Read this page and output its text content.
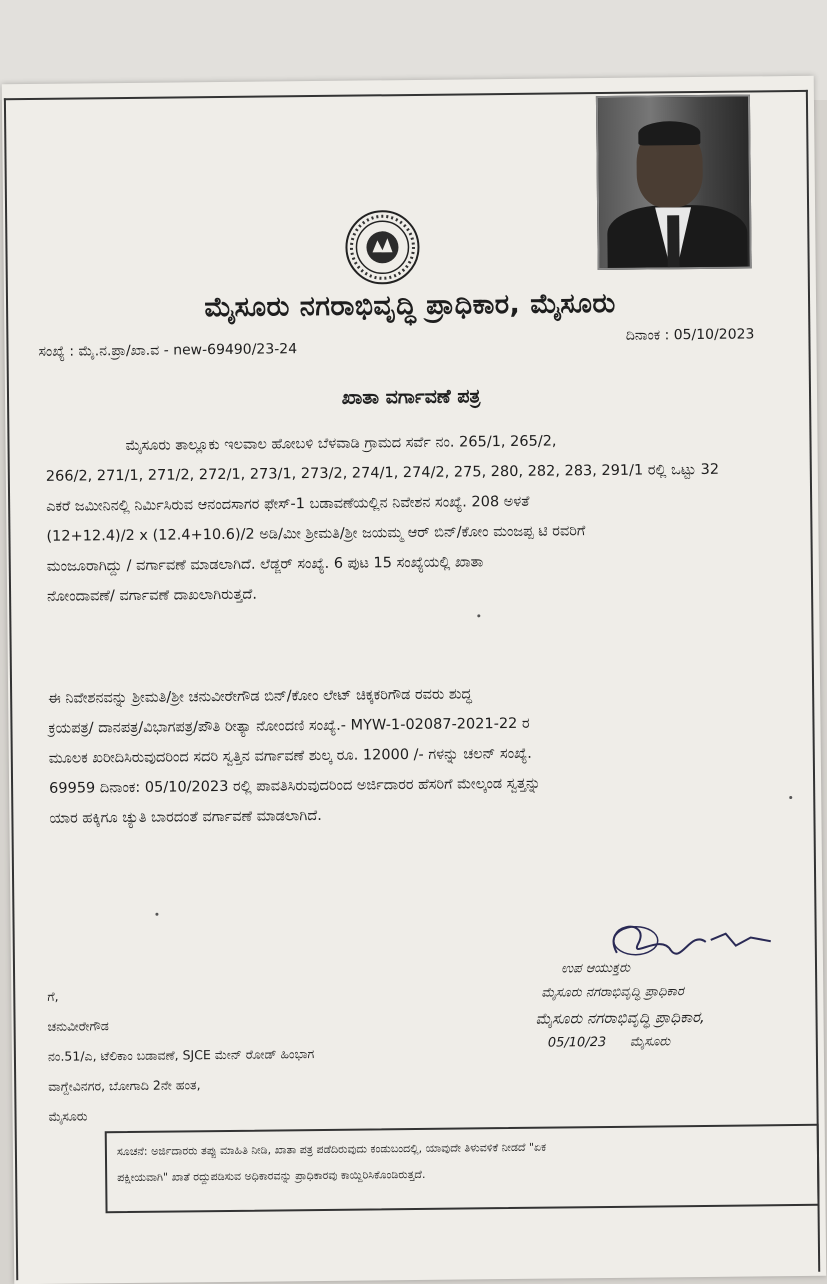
ಮೈಸೂರು ನಗರಾಭಿವೃದ್ಧಿ ಪ್ರಾಧಿಕಾರ, ಮೈಸೂರು
ಸಂಖ್ಯೆ : ಮೈ.ನ.ಪ್ರಾ/ಖಾ.ವ - new-69490/23-24
ದಿನಾಂಕ : 05/10/2023
ಖಾತಾ ವರ್ಗಾವಣೆ ಪತ್ರ
ಮೈಸೂರು ತಾಲ್ಲೂಕು ಇಲವಾಲ ಹೋಬಳಿ ಬೆಳವಾಡಿ ಗ್ರಾಮದ ಸರ್ವೆ ನಂ. 265/1, 265/2,
266/2, 271/1, 271/2, 272/1, 273/1, 273/2, 274/1, 274/2, 275, 280, 282, 283, 291/1 ರಲ್ಲಿ ಒಟ್ಟು 32
ಎಕರೆ ಜಮೀನಿನಲ್ಲಿ ನಿರ್ಮಿಸಿರುವ ಆನಂದಸಾಗರ ಫೇಸ್-1 ಬಡಾವಣೆಯಲ್ಲಿನ ನಿವೇಶನ ಸಂಖ್ಯೆ. 208 ಅಳತೆ
(12+12.4)/2 x (12.4+10.6)/2 ಅಡಿ/ಮೀ ಶ್ರೀಮತಿ/ಶ್ರೀ ಜಯಮ್ಮ ಆರ್ ಬಿನ್/ಕೋಂ ಮಂಜಪ್ಪ ಟಿ ರವರಿಗೆ
ಮಂಜೂರಾಗಿದ್ದು / ವರ್ಗಾವಣೆ ಮಾಡಲಾಗಿದೆ. ಲೆಡ್ಜರ್ ಸಂಖ್ಯೆ. 6 ಪುಟ 15 ಸಂಖ್ಯೆಯಲ್ಲಿ ಖಾತಾ
ನೋಂದಾವಣೆ/ ವರ್ಗಾವಣೆ ದಾಖಲಾಗಿರುತ್ತದೆ.
ಈ ನಿವೇಶನವನ್ನು ಶ್ರೀಮತಿ/ಶ್ರೀ ಚನುವೀರೇಗೌಡ ಬಿನ್/ಕೋಂ ಲೇಟ್ ಚಿಕ್ಕಕರಿಗೌಡ ರವರು ಶುದ್ಧ
ಕ್ರಯಪತ್ರ/ ದಾನಪತ್ರ/ವಿಭಾಗಪತ್ರ/ಪೌತಿ ರೀತ್ಯಾ ನೋಂದಣಿ ಸಂಖ್ಯೆ.- MYW-1-02087-2021-22 ರ
ಮೂಲಕ ಖರೀದಿಸಿರುವುದರಿಂದ ಸದರಿ ಸ್ವತ್ತಿನ ವರ್ಗಾವಣೆ ಶುಲ್ಕ ರೂ. 12000 /- ಗಳನ್ನು ಚಲನ್ ಸಂಖ್ಯೆ.
69959 ದಿನಾಂಕ: 05/10/2023 ರಲ್ಲಿ ಪಾವತಿಸಿರುವುದರಿಂದ ಅರ್ಜಿದಾರರ ಹೆಸರಿಗೆ ಮೇಲ್ಕಂಡ ಸ್ವತ್ತನ್ನು
ಯಾರ ಹಕ್ಕಿಗೂ ಚ್ಯುತಿ ಬಾರದಂತೆ ವರ್ಗಾವಣೆ ಮಾಡಲಾಗಿದೆ.
ಉಪ ಆಯುಕ್ತರು
ಮೈಸೂರು ನಗರಾಭಿವೃದ್ಧಿ ಪ್ರಾಧಿಕಾರ
ಮೈಸೂರು ನಗರಾಭಿವೃದ್ಧಿ ಪ್ರಾಧಿಕಾರ,
05/10/23 ಮೈಸೂರು
ಗೆ,
ಚನುವೀರೇಗೌಡ
ನಂ.51/ಎ, ಟೆಲಿಕಾಂ ಬಡಾವಣೆ, SJCE ಮೇನ್ ರೋಡ್ ಹಿಂಭಾಗ
ವಾಗ್ದೇವಿನಗರ, ಬೋಗಾದಿ 2ನೇ ಹಂತ,
ಮೈಸೂರು
ಸೂಚನೆ: ಅರ್ಜಿದಾರರು ತಪ್ಪು ಮಾಹಿತಿ ನೀಡಿ, ಖಾತಾ ಪತ್ರ ಪಡೆದಿರುವುದು ಕಂಡುಬಂದಲ್ಲಿ, ಯಾವುದೇ ತಿಳುವಳಿಕೆ ನೀಡದೆ "ಏಕ
ಪಕ್ಷೀಯವಾಗಿ" ಖಾತೆ ರದ್ದುಪಡಿಸುವ ಅಧಿಕಾರವನ್ನು ಪ್ರಾಧಿಕಾರವು ಕಾಯ್ದಿರಿಸಿಕೊಂಡಿರುತ್ತದೆ.
